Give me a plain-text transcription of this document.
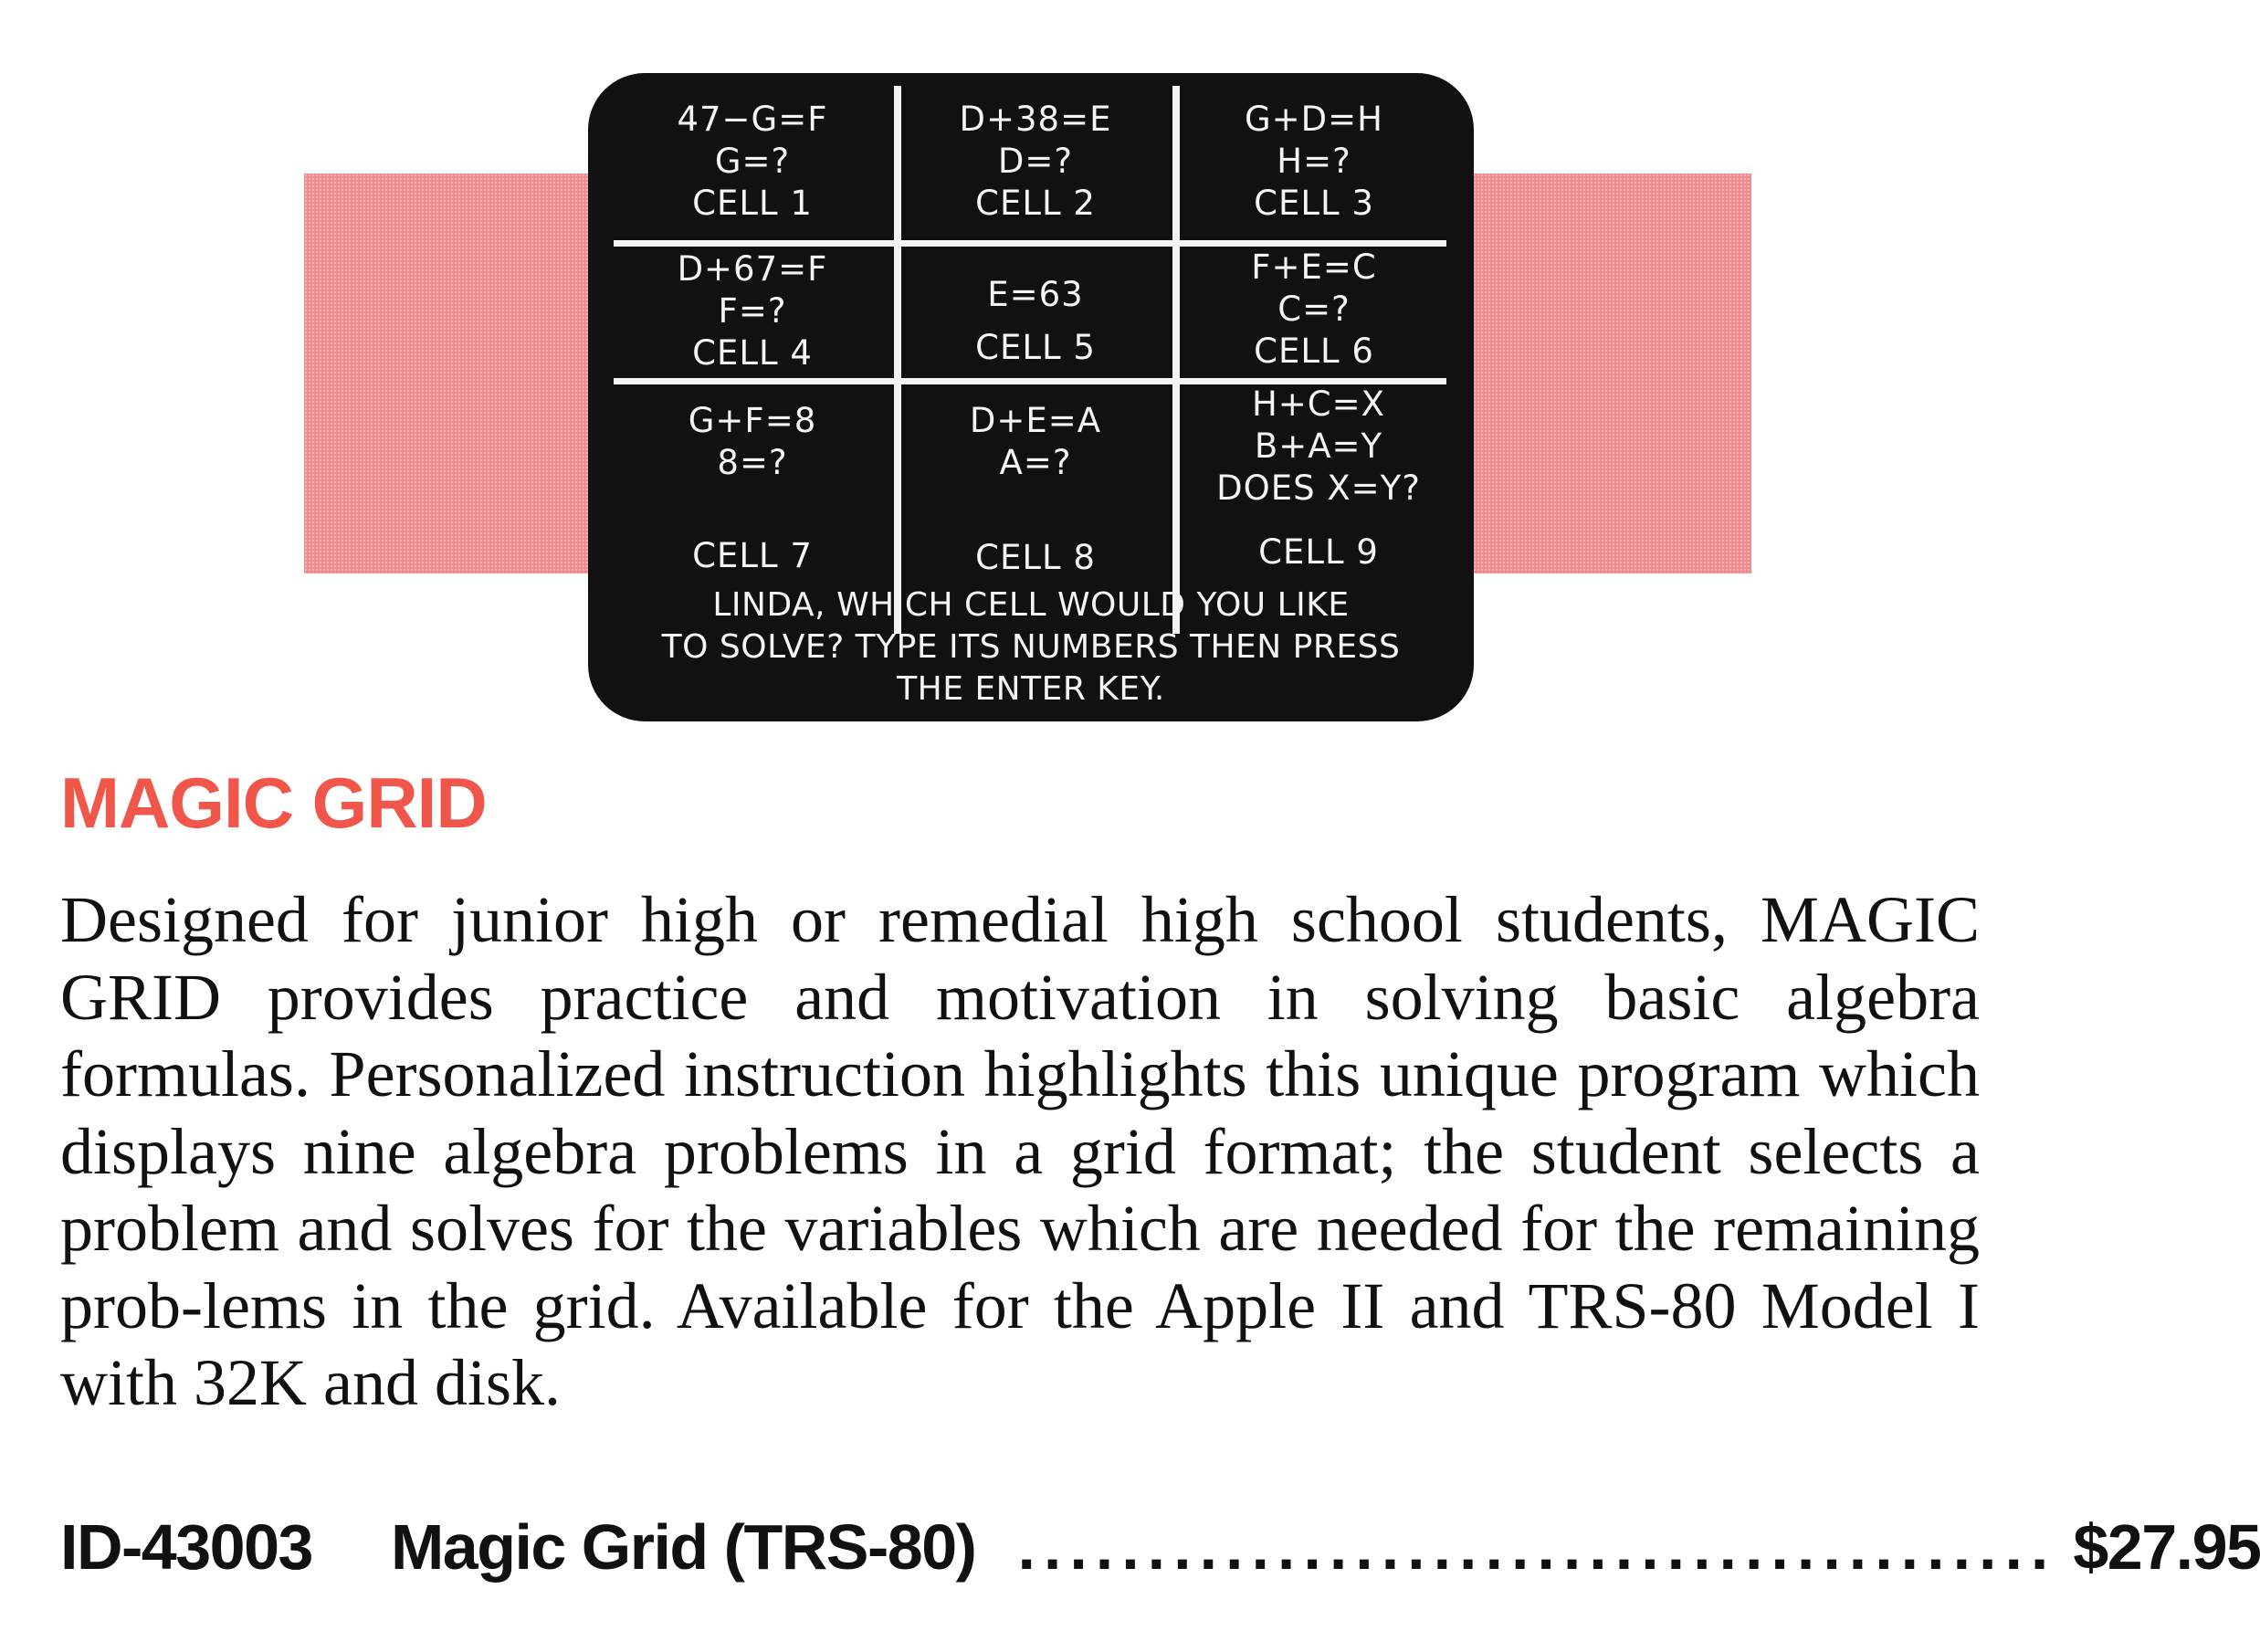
47−G=F
G=?
CELL 1
D+38=E
D=?
CELL 2
G+D=H
H=?
CELL 3
D+67=F
F=?
CELL 4
E=63
CELL 5
F+E=C
C=?
CELL 6
G+F=8
8=?
CELL 7
D+E=A
A=?
CELL 8
H+C=X
B+A=Y
DOES X=Y?
CELL 9
LINDA, WHICH CELL WOULD YOU LIKE
TO SOLVE? TYPE ITS NUMBERS THEN PRESS
THE ENTER KEY.
MAGIC GRID
Designed for junior high or remedial high school students, MAGIC GRID provides practice and motivation in solving basic algebra formulas. Personalized instruction highlights this unique program which displays nine algebra problems in a grid format; the student selects a problem and solves for the variables which are needed for the remaining prob-lems in the grid. Available for the Apple II and TRS-80 Model I with 32K and disk.
ID-43003 Magic Grid (TRS-80) ........................................ $27.95
